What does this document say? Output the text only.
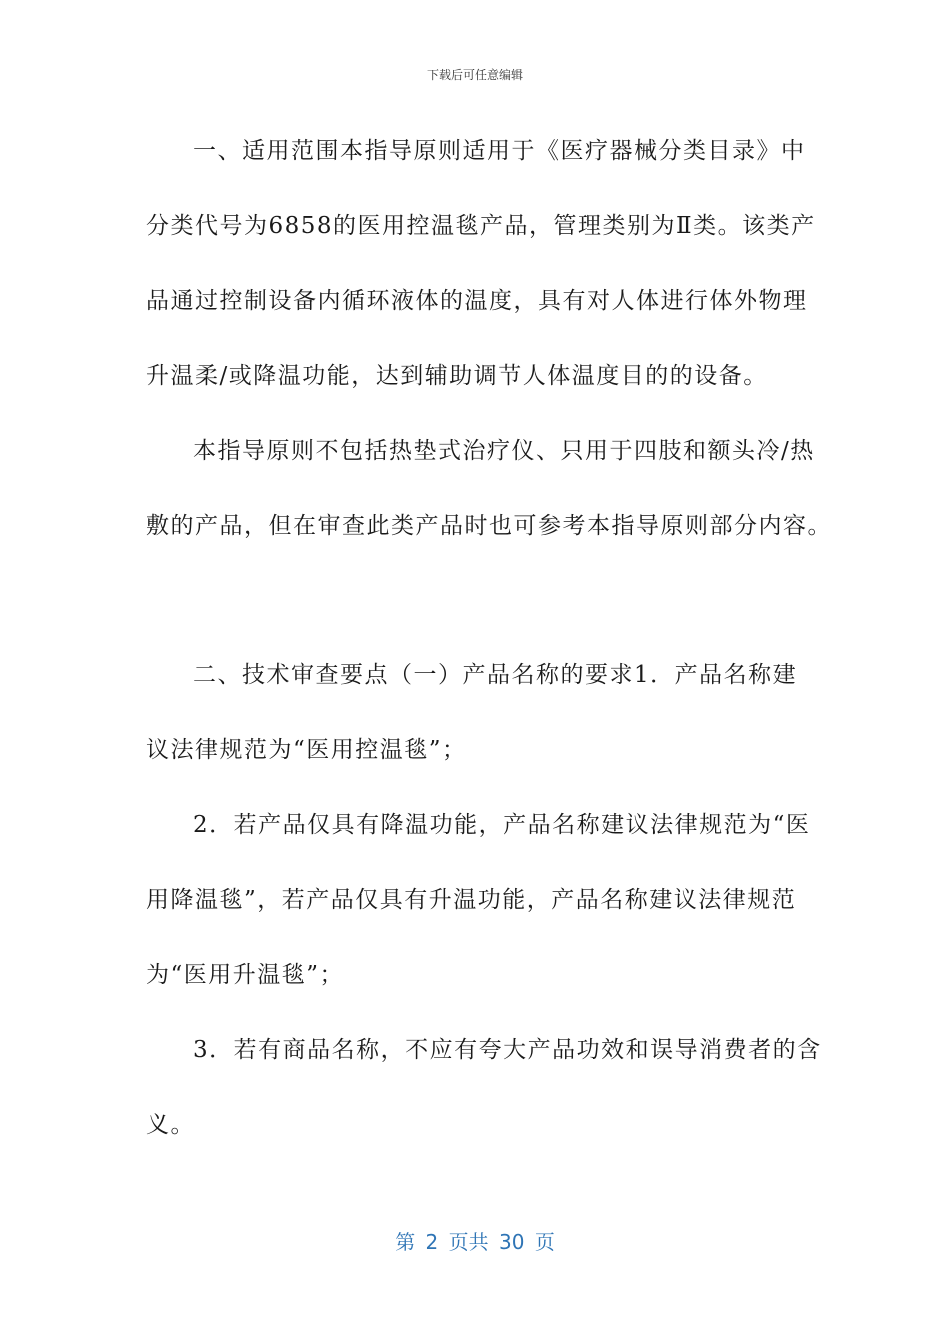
下载后可任意编辑
一、适用范围本指导原则适用于《医疗器械分类目录》中
分类代号为6858的医用控温毯产品，管理类别为Ⅱ类。该类产
品通过控制设备内循环液体的温度，具有对人体进行体外物理
升温柔/或降温功能，达到辅助调节人体温度目的的设备。
本指导原则不包括热垫式治疗仪、只用于四肢和额头冷/热
敷的产品，但在审查此类产品时也可参考本指导原则部分内容。
二、技术审查要点（一）产品名称的要求1．产品名称建
议法律规范为“医用控温毯”；
2．若产品仅具有降温功能，产品名称建议法律规范为“医
用降温毯”，若产品仅具有升温功能，产品名称建议法律规范
为“医用升温毯”；
3．若有商品名称，不应有夸大产品功效和误导消费者的含
义。
第 2 页共 30 页
